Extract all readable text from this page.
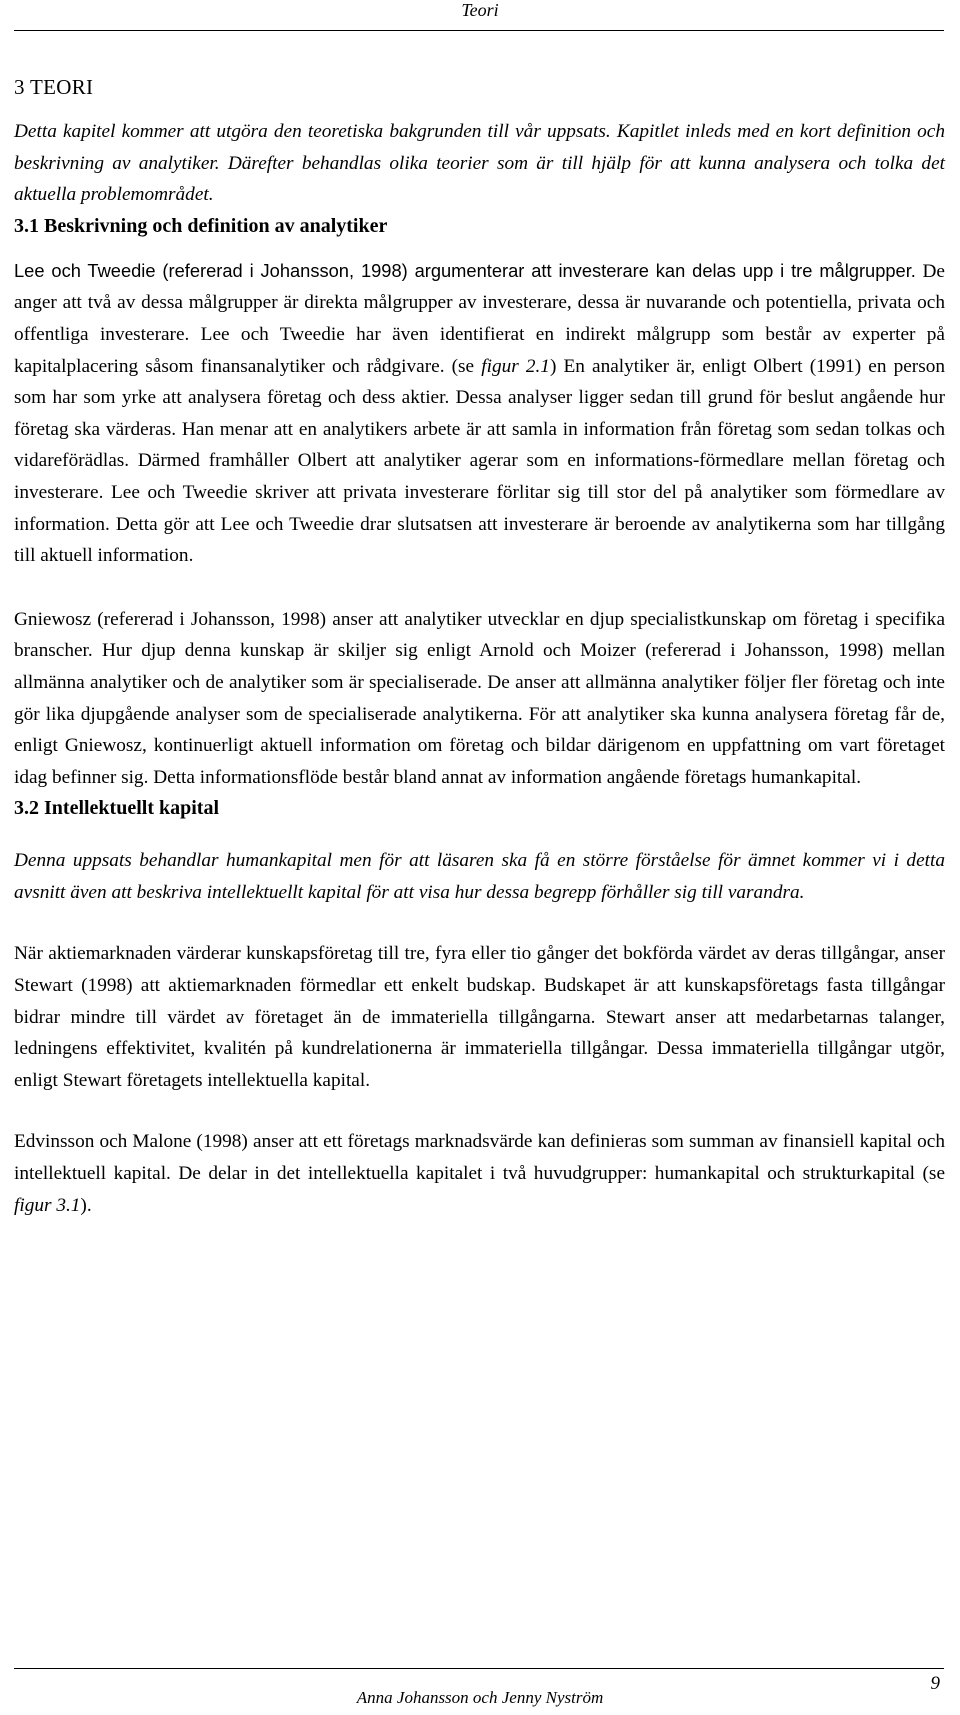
Teori
3 TEORI

Detta kapitel kommer att utgöra den teoretiska bakgrunden till vår uppsats. Kapitlet inleds med en kort definition och beskrivning av analytiker. Därefter behandlas olika teorier som är till hjälp för att kunna analysera och tolka det aktuella problemområdet.

3.1 Beskrivning och definition av analytiker

Lee och Tweedie (refererad i Johansson, 1998) argumenterar att investerare kan delas upp i tre målgrupper. De anger att två av dessa målgrupper är direkta målgrupper av investerare, dessa är nuvarande och potentiella, privata och offentliga investerare. Lee och Tweedie har även identifierat en indirekt målgrupp som består av experter på kapitalplacering såsom finansanalytiker och rådgivare. (se figur 2.1) En analytiker är, enligt Olbert (1991) en person som har som yrke att analysera företag och dess aktier. Dessa analyser ligger sedan till grund för beslut angående hur företag ska värderas. Han menar att en analytikers arbete är att samla in information från företag som sedan tolkas och vidareförädlas. Därmed framhåller Olbert att analytiker agerar som en informations-förmedlare mellan företag och investerare. Lee och Tweedie skriver att privata investerare förlitar sig till stor del på analytiker som förmedlare av information. Detta gör att Lee och Tweedie drar slutsatsen att investerare är beroende av analytikerna som har tillgång till aktuell information.

Gniewosz (refererad i Johansson, 1998) anser att analytiker utvecklar en djup specialistkunskap om företag i specifika branscher. Hur djup denna kunskap är skiljer sig enligt Arnold och Moizer (refererad i Johansson, 1998) mellan allmänna analytiker och de analytiker som är specialiserade. De anser att allmänna analytiker följer fler företag och inte gör lika djupgående analyser som de specialiserade analytikerna. För att analytiker ska kunna analysera företag får de, enligt Gniewosz, kontinuerligt aktuell information om företag och bildar därigenom en uppfattning om vart företaget idag befinner sig. Detta informationsflöde består bland annat av information angående företags humankapital.

3.2 Intellektuellt kapital

Denna uppsats behandlar humankapital men för att läsaren ska få en större förståelse för ämnet kommer vi i detta avsnitt även att beskriva intellektuellt kapital för att visa hur dessa begrepp förhåller sig till varandra.

När aktiemarknaden värderar kunskapsföretag till tre, fyra eller tio gånger det bokförda värdet av deras tillgångar, anser Stewart (1998) att aktiemarknaden förmedlar ett enkelt budskap. Budskapet är att kunskapsföretags fasta tillgångar bidrar mindre till värdet av företaget än de immateriella tillgångarna. Stewart anser att medarbetarnas talanger, ledningens effektivitet, kvalitén på kundrelationerna är immateriella tillgångar. Dessa immateriella tillgångar utgör, enligt Stewart företagets intellektuella kapital.

Edvinsson och Malone (1998) anser att ett företags marknadsvärde kan definieras som summan av finansiell kapital och intellektuell kapital. De delar in det intellektuella kapitalet i två huvudgrupper: humankapital och strukturkapital (se figur 3.1).

Anna Johansson och Jenny Nyström
9
